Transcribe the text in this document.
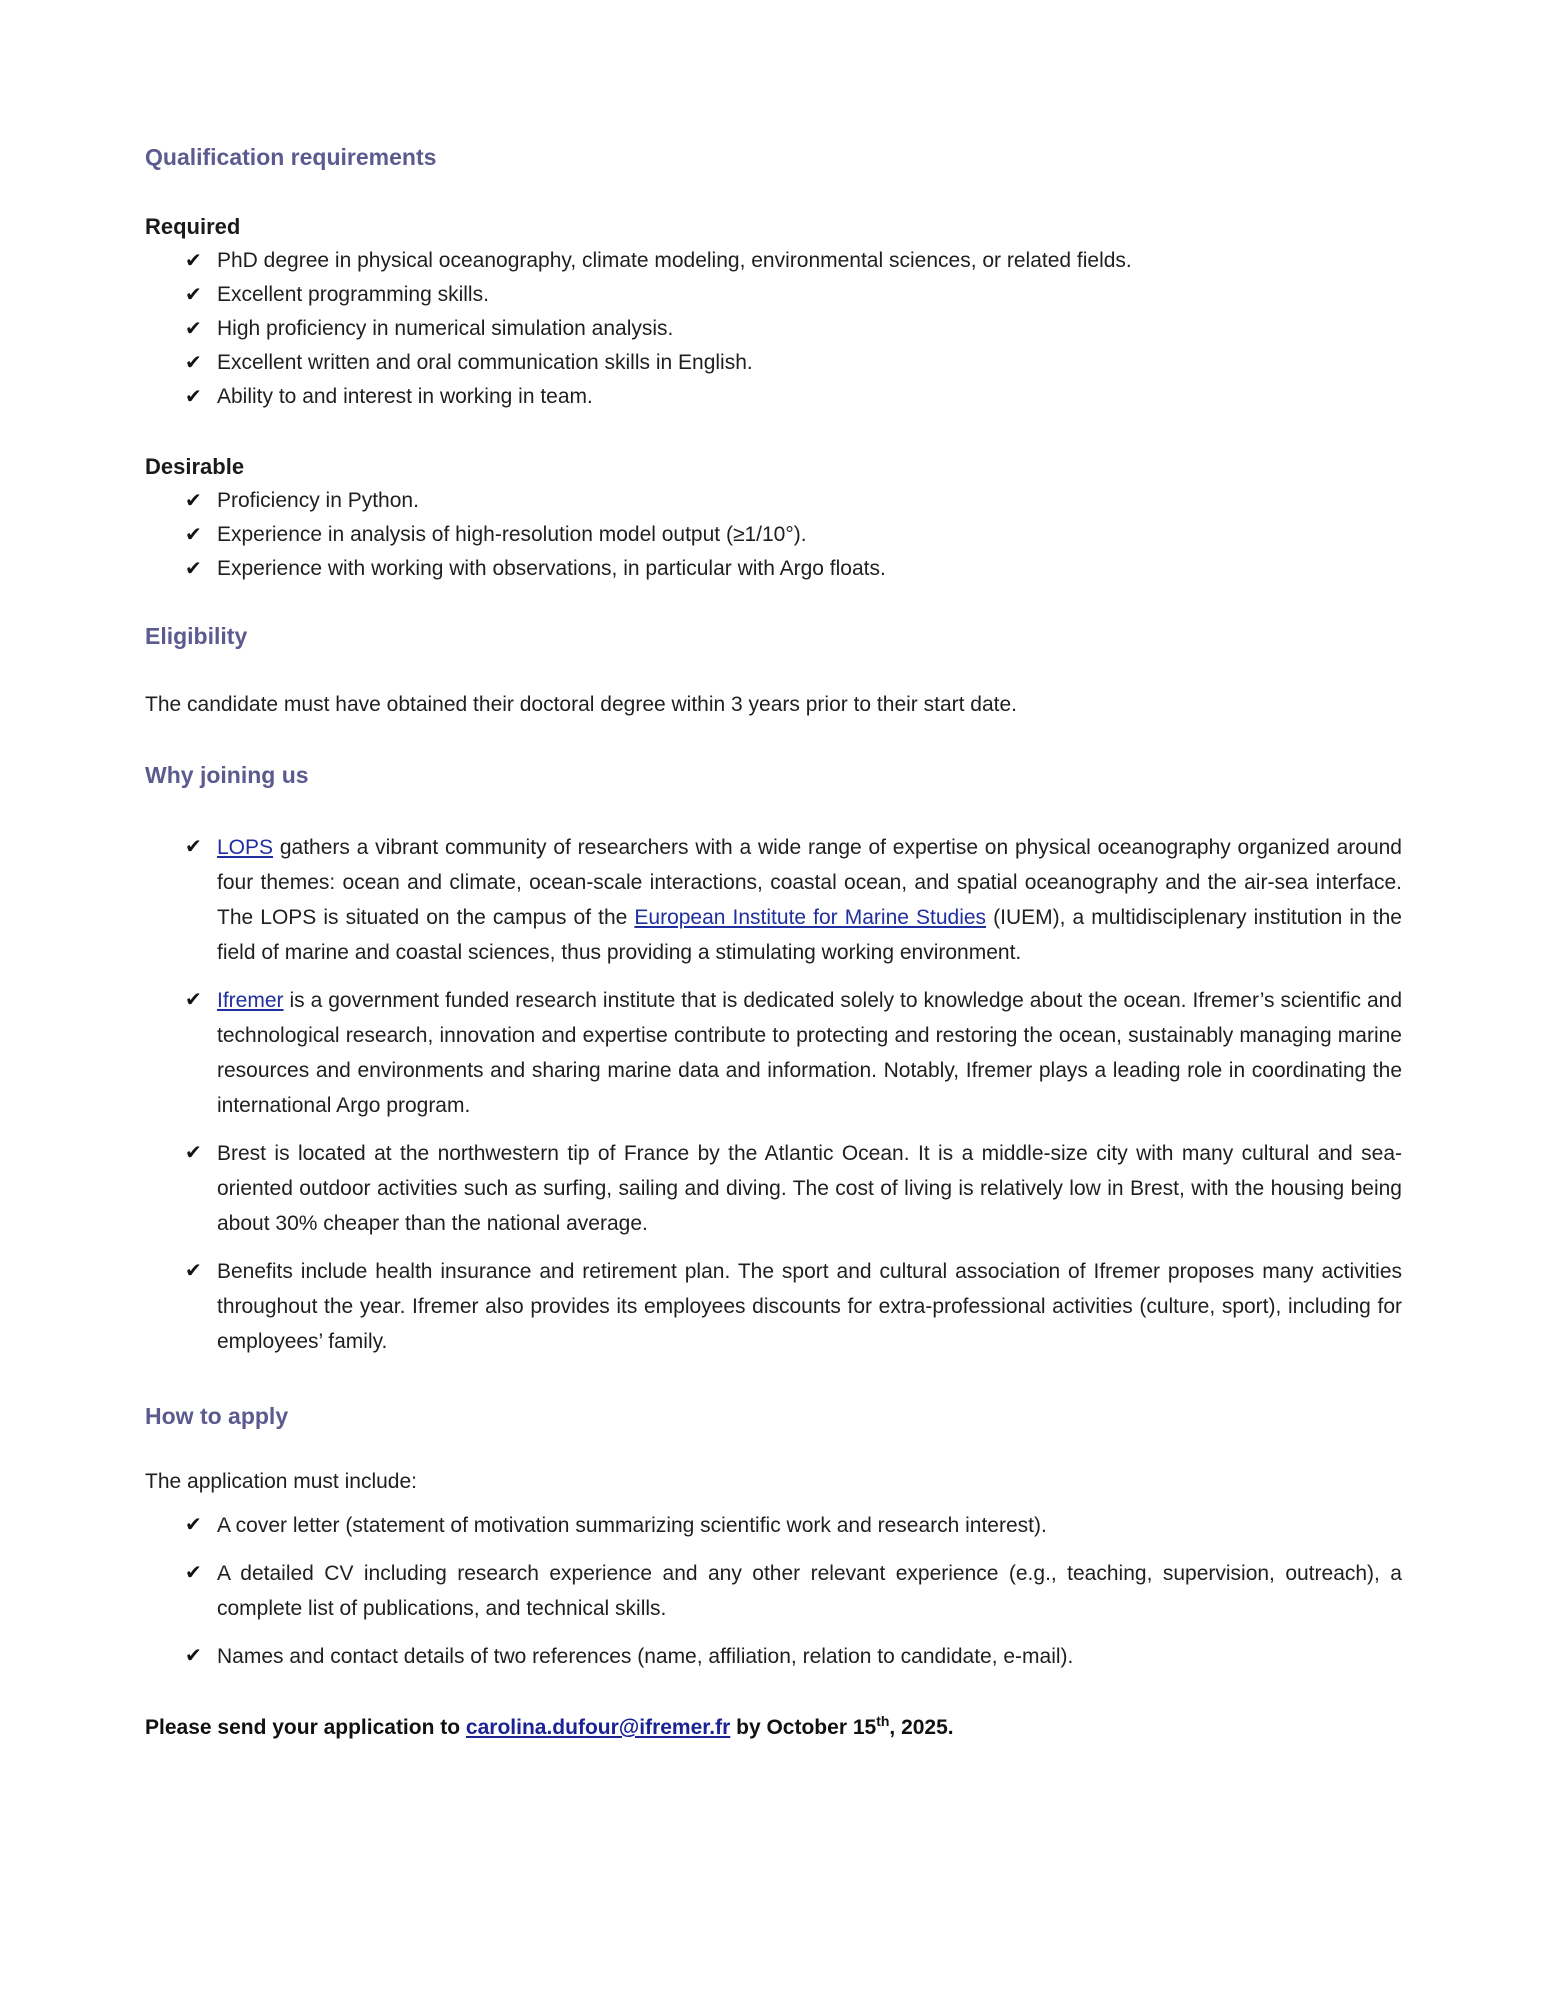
Qualification requirements
Required
✔ PhD degree in physical oceanography, climate modeling, environmental sciences, or related fields.
✔ Excellent programming skills.
✔ High proficiency in numerical simulation analysis.
✔ Excellent written and oral communication skills in English.
✔ Ability to and interest in working in team.
Desirable
✔ Proficiency in Python.
✔ Experience in analysis of high-resolution model output (≥1/10°).
✔ Experience with working with observations, in particular with Argo floats.
Eligibility

The candidate must have obtained their doctoral degree within 3 years prior to their start date.

Why joining us
✔ LOPS gathers a vibrant community of researchers with a wide range of expertise on physical oceanography organized around four themes: ocean and climate, ocean-scale interactions, coastal ocean, and spatial oceanography and the air-sea interface. The LOPS is situated on the campus of the European Institute for Marine Studies (IUEM), a multidisciplenary institution in the field of marine and coastal sciences, thus providing a stimulating working environment.
✔ Ifremer is a government funded research institute that is dedicated solely to knowledge about the ocean. Ifremer’s scientific and technological research, innovation and expertise contribute to protecting and restoring the ocean, sustainably managing marine resources and environments and sharing marine data and information. Notably, Ifremer plays a leading role in coordinating the international Argo program.
✔ Brest is located at the northwestern tip of France by the Atlantic Ocean. It is a middle-size city with many cultural and sea-oriented outdoor activities such as surfing, sailing and diving. The cost of living is relatively low in Brest, with the housing being about 30% cheaper than the national average.
✔ Benefits include health insurance and retirement plan. The sport and cultural association of Ifremer proposes many activities throughout the year. Ifremer also provides its employees discounts for extra-professional activities (culture, sport), including for employees’ family.
How to apply

The application must include:

✔ A cover letter (statement of motivation summarizing scientific work and research interest).
✔ A detailed CV including research experience and any other relevant experience (e.g., teaching, supervision, outreach), a complete list of publications, and technical skills.
✔ Names and contact details of two references (name, affiliation, relation to candidate, e-mail).

Please send your application to carolina.dufour@ifremer.fr by October 15th, 2025.
